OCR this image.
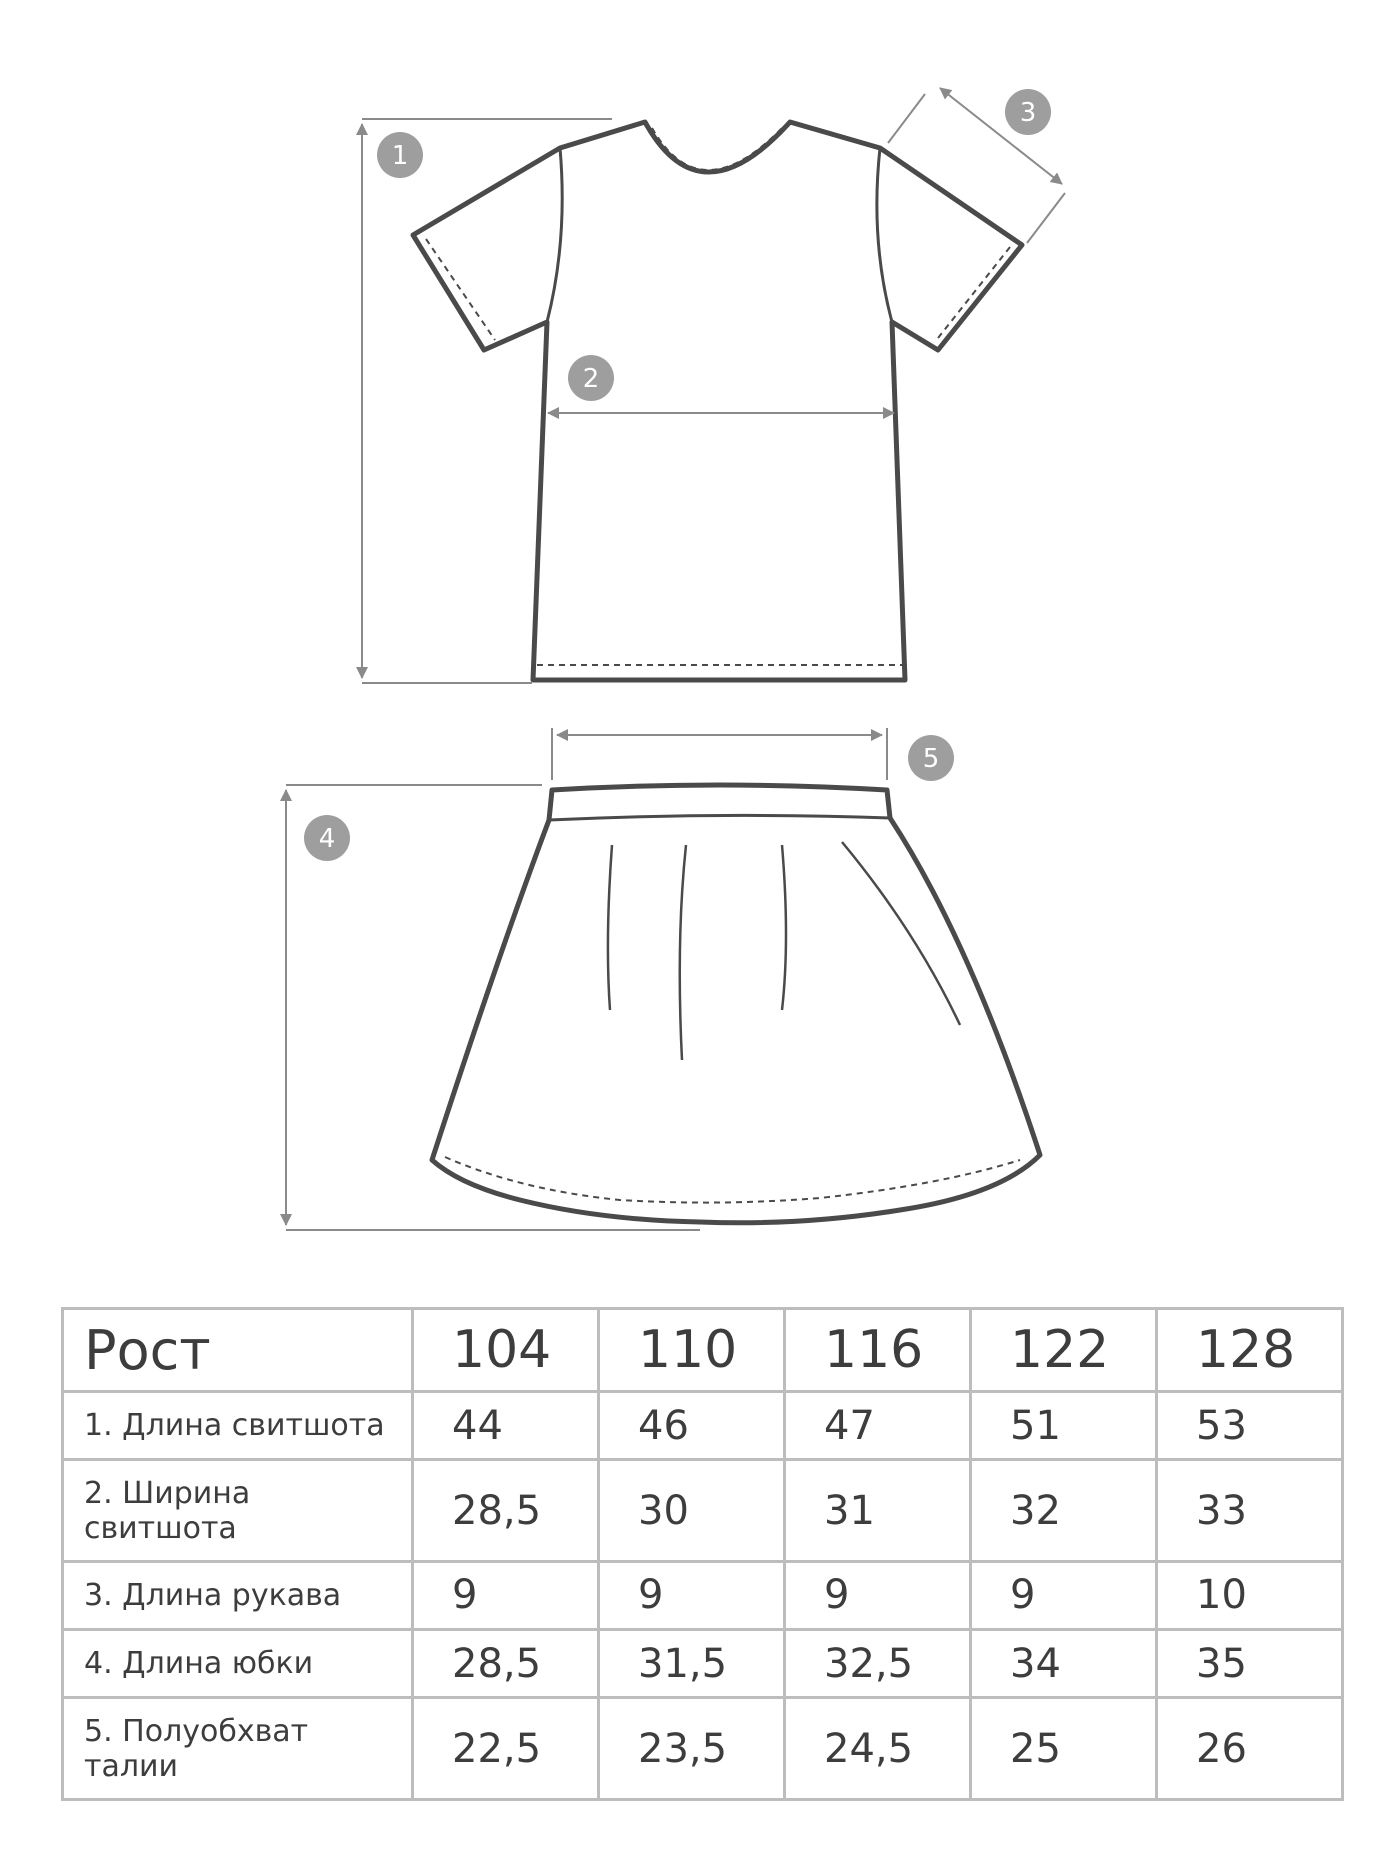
1
2
3
4
5
Рост	104	110	116	122	128
1. Длина свитшота	44	46	47	51	53
2. Ширина свитшота	28,5	30	31	32	33
3. Длина рукава	9	9	9	9	10
4. Длина юбки	28,5	31,5	32,5	34	35
5. Полуобхват талии	22,5	23,5	24,5	25	26
